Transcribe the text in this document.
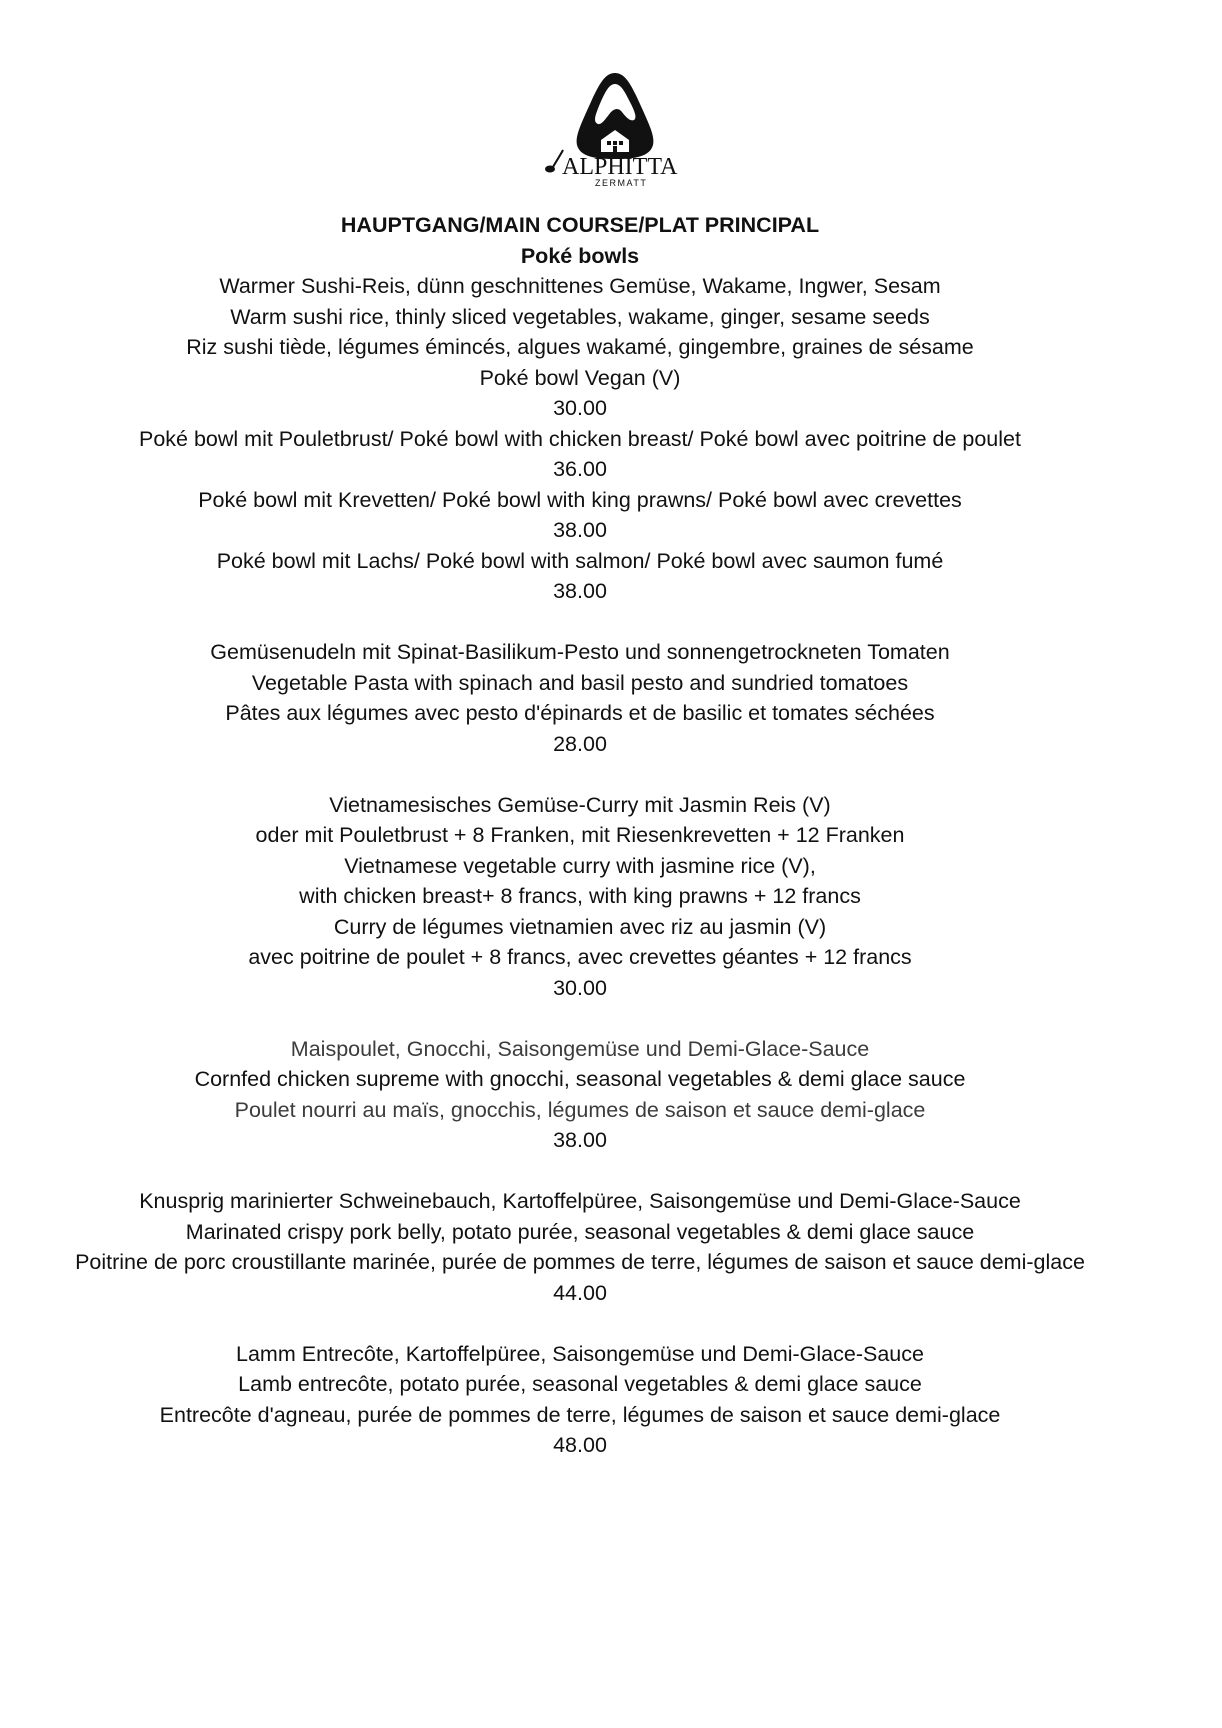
ALPHITTA
ZERMATT
HAUPTGANG/MAIN COURSE/PLAT PRINCIPAL
Poké bowls
Warmer Sushi-Reis, dünn geschnittenes Gemüse, Wakame, Ingwer, Sesam
Warm sushi rice, thinly sliced vegetables, wakame, ginger, sesame seeds
Riz sushi tiède, légumes émincés, algues wakamé, gingembre, graines de sésame
Poké bowl Vegan (V)
30.00
Poké bowl mit Pouletbrust/ Poké bowl with chicken breast/ Poké bowl avec poitrine de poulet
36.00
Poké bowl mit Krevetten/ Poké bowl with king prawns/ Poké bowl avec crevettes
38.00
Poké bowl mit Lachs/ Poké bowl with salmon/ Poké bowl avec saumon fumé
38.00
Gemüsenudeln mit Spinat-Basilikum-Pesto und sonnengetrockneten Tomaten
Vegetable Pasta with spinach and basil pesto and sundried tomatoes
Pâtes aux légumes avec pesto d'épinards et de basilic et tomates séchées
28.00
Vietnamesisches Gemüse-Curry mit Jasmin Reis (V)
oder mit Pouletbrust + 8 Franken, mit Riesenkrevetten + 12 Franken
Vietnamese vegetable curry with jasmine rice (V),
with chicken breast+ 8 francs, with king prawns + 12 francs
Curry de légumes vietnamien avec riz au jasmin (V)
avec poitrine de poulet + 8 francs, avec crevettes géantes + 12 francs
30.00
Maispoulet, Gnocchi, Saisongemüse und Demi-Glace-Sauce
Cornfed chicken supreme with gnocchi, seasonal vegetables & demi glace sauce
Poulet nourri au maïs, gnocchis, légumes de saison et sauce demi-glace
38.00
Knusprig marinierter Schweinebauch, Kartoffelpüree, Saisongemüse und Demi-Glace-Sauce
Marinated crispy pork belly, potato purée, seasonal vegetables & demi glace sauce
Poitrine de porc croustillante marinée, purée de pommes de terre, légumes de saison et sauce demi-glace
44.00
Lamm Entrecôte, Kartoffelpüree, Saisongemüse und Demi-Glace-Sauce
Lamb entrecôte, potato purée, seasonal vegetables & demi glace sauce
Entrecôte d'agneau, purée de pommes de terre, légumes de saison et sauce demi-glace
48.00
